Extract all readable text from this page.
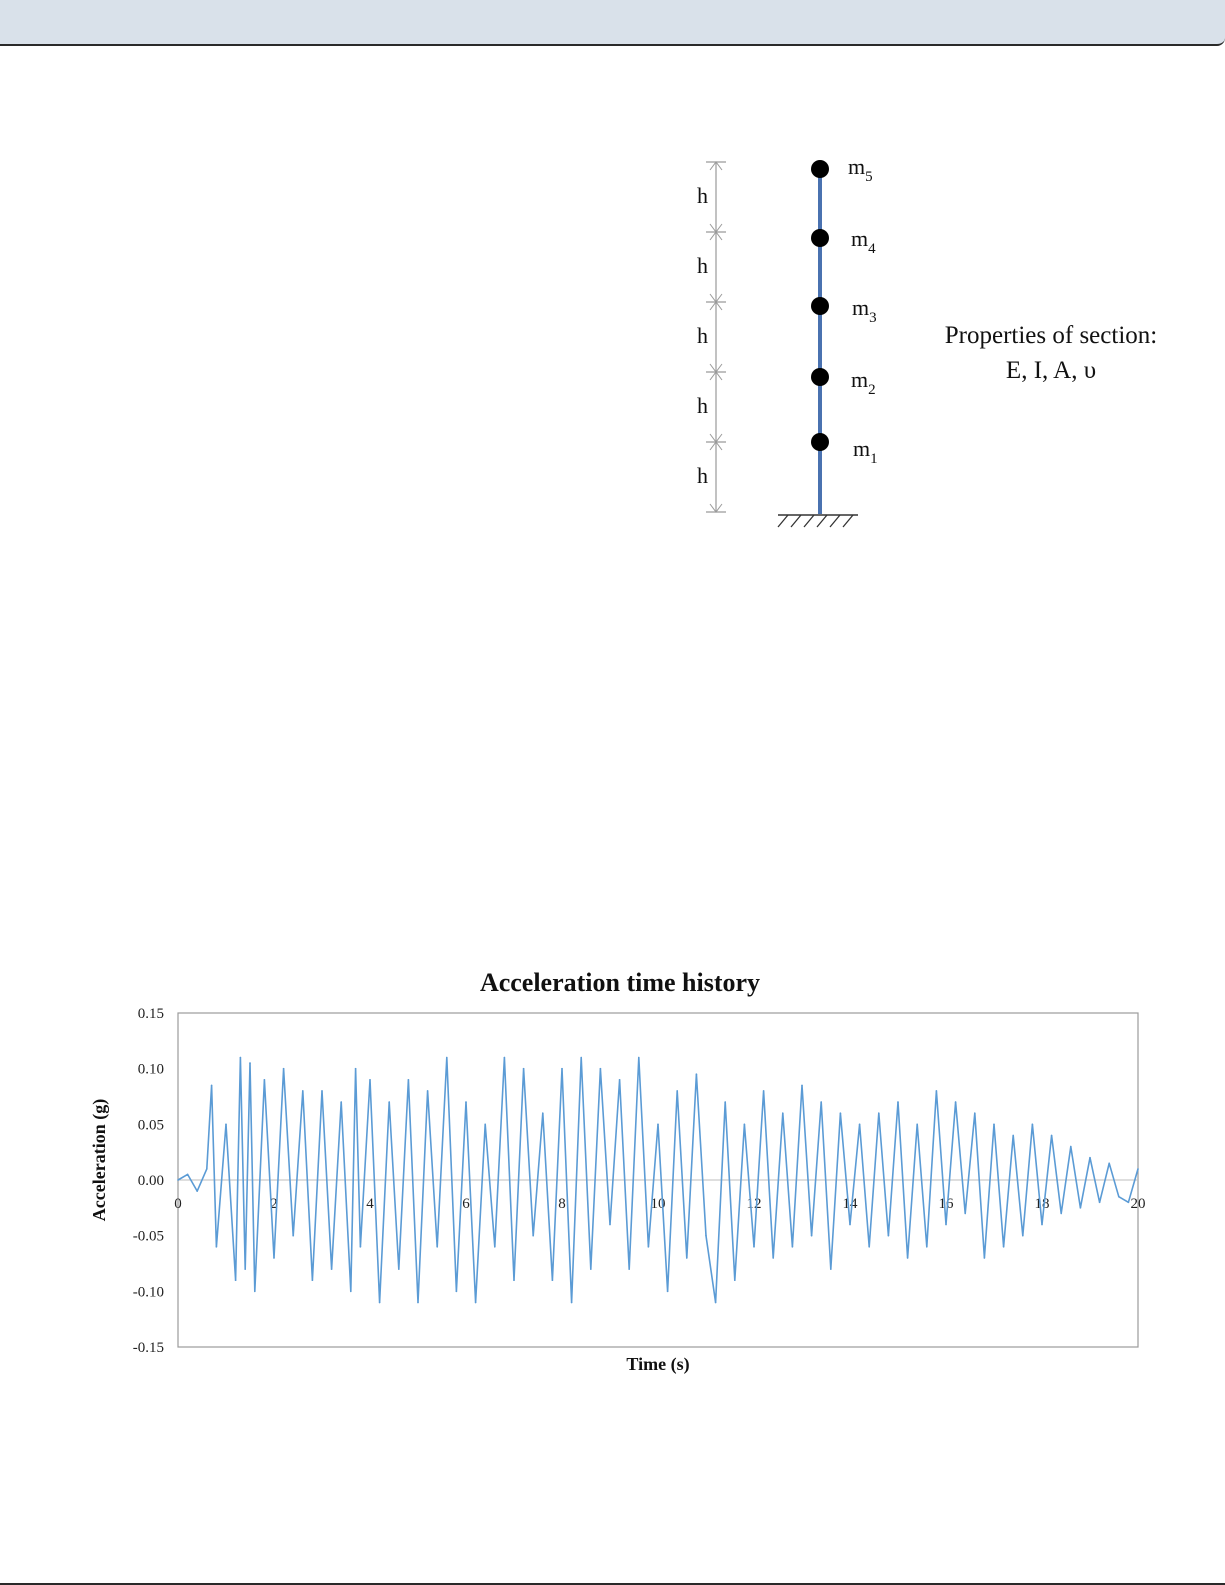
h
h
h
h
h
$m_5$
$m_4$
$m_3$
$m_2$
$m_1$
Properties of section:
E, I, A, υ
Acceleration time history
0.15
0.10
0.05
0.00
-0.05
-0.10
-0.15
0	2	4	6	8	10	12	14	16	18	20
Time (s)
Acceleration (g)
